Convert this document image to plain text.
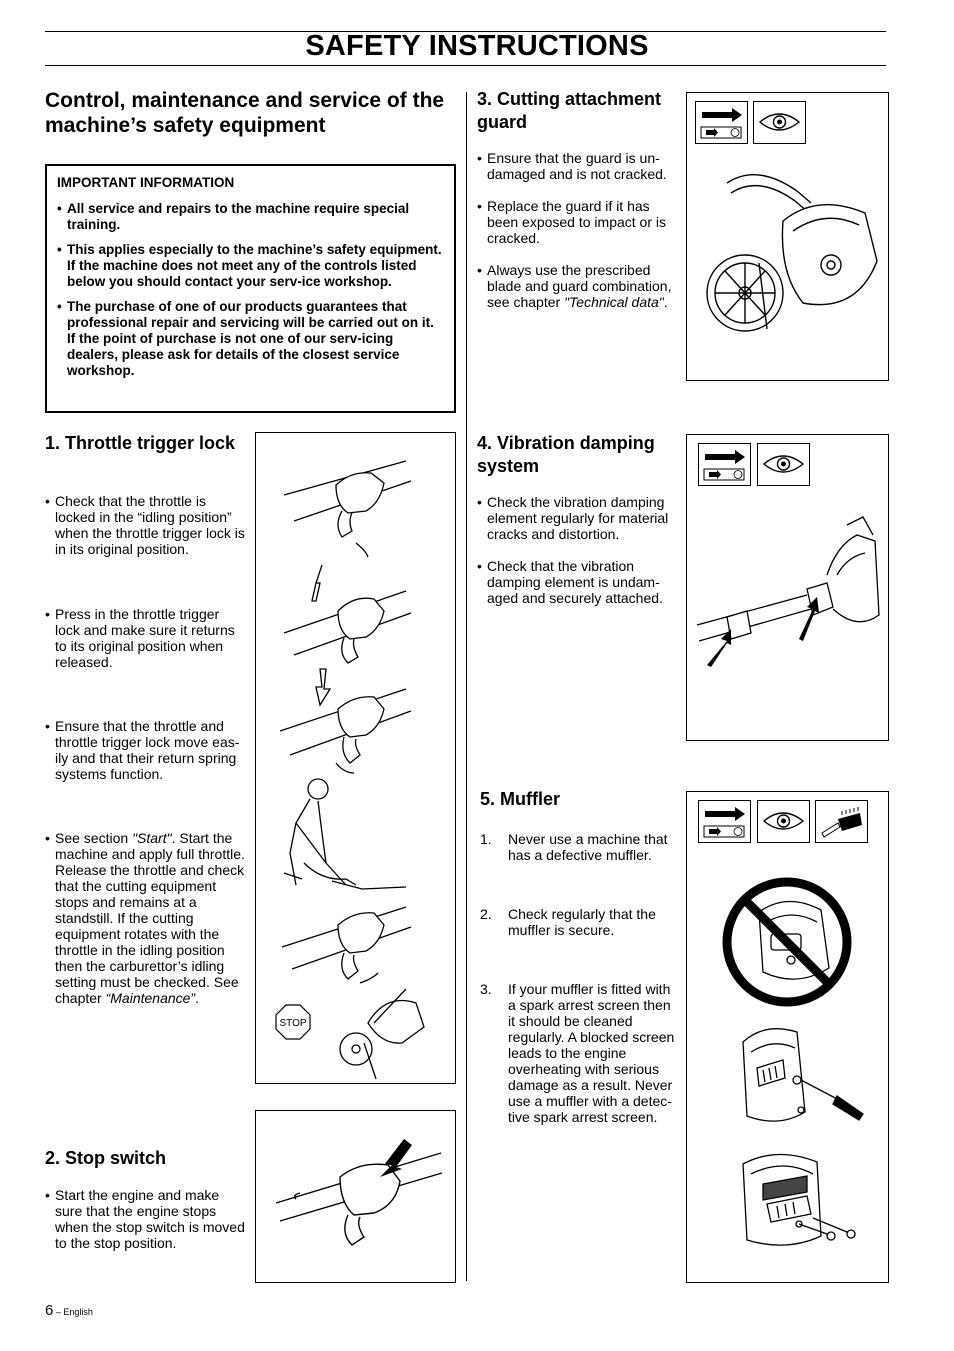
SAFETY INSTRUCTIONS
Control, maintenance and service of the machine’s safety equipment
IMPORTANT INFORMATION
• All service and repairs to the machine require special training.
• This applies especially to the machine’s safety equipment. If the machine does not meet any of the controls listed below you should contact your serv-ice workshop.
• The purchase of one of our products guarantees that professional repair and servicing will be carried out on it. If the point of purchase is not one of our serv-icing dealers, please ask for details of the closest service workshop.
1. Throttle trigger lock
• Check that the throttle is locked in the “idling position” when the throttle trigger lock is in its original position.
• Press in the throttle trigger lock and make sure it returns to its original position when released.
• Ensure that the throttle and throttle trigger lock move eas-ily and that their return spring systems function.
• See section "Start". Start the machine and apply full throttle. Release the throttle and check that the cutting equipment stops and remains at a standstill. If the cutting equipment rotates with the throttle in the idling position then the carburettor’s idling setting must be checked. See chapter “Maintenance”.
STOP
2. Stop switch
• Start the engine and make sure that the engine stops when the stop switch is moved to the stop position.
3. Cutting attachment guard
• Ensure that the guard is un-damaged and is not cracked.
• Replace the guard if it has been exposed to impact or is cracked.
• Always use the prescribed blade and guard combination, see chapter "Technical data".
4. Vibration damping system
• Check the vibration damping element regularly for material cracks and distortion.
• Check that the vibration damping element is undam-aged and securely attached.
5. Muffler
1. Never use a machine that has a defective muffler.
2. Check regularly that the muffler is secure.
3. If your muffler is fitted with a spark arrest screen then it should be cleaned regularly. A blocked screen leads to the engine overheating with serious damage as a result. Never use a muffler with a detec-tive spark arrest screen.
6 – English
